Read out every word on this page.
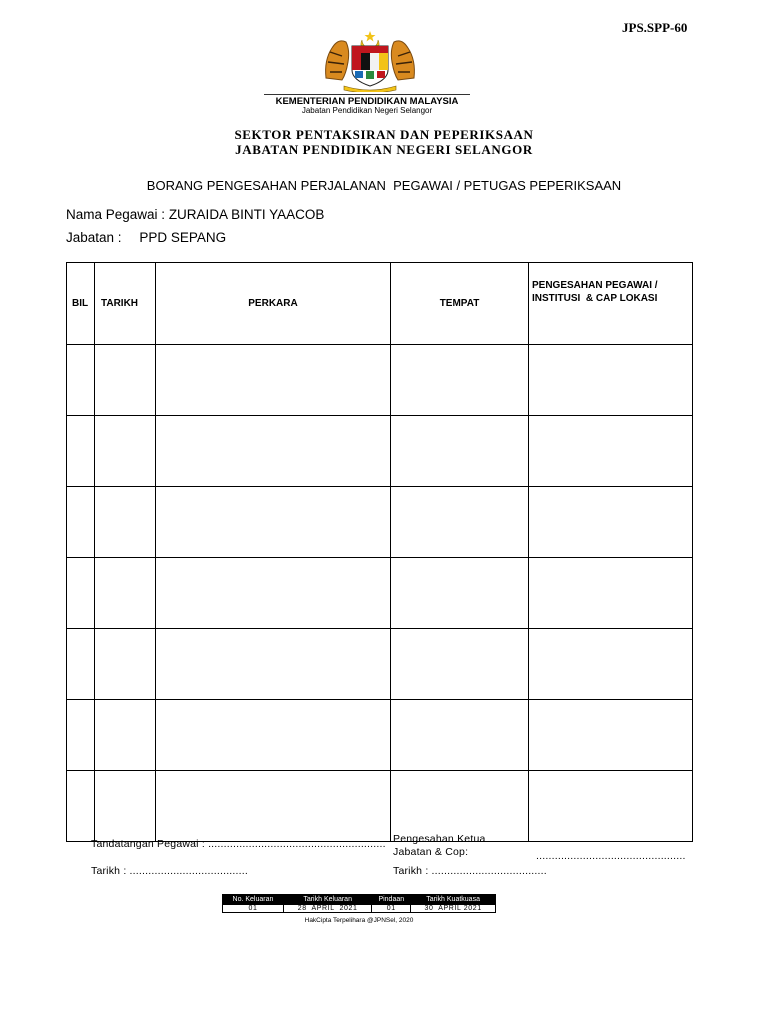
JPS.SPP-60
KEMENTERIAN PENDIDIKAN MALAYSIA
Jabatan Pendidikan Negeri Selangor
SEKTOR PENTAKSIRAN DAN PEPERIKSAAN
JABATAN PENDIDIKAN NEGERI SELANGOR
BORANG PENGESAHAN PERJALANAN  PEGAWAI / PETUGAS PEPERIKSAAN
Nama Pegawai : ZURAIDA BINTI YAACOB
Jabatan : PPD SEPANG
BIL	TARIKH	PERKARA	TEMPAT	PENGESAHAN PEGAWAI /
INSTITUSI  & CAP LOKASI

Tandatangan Pegawai : ......................................................... Pengesahan Ketua Jabatan & Cop:	................................................
Tarikh : ......................................	Tarikh : .....................................
No. Keluaran	Tarikh Keluaran	Pindaan	Tarikh Kuatkuasa
01	28  APRIL  2021	01	30  APRIL 2021
HakCipta Terpelihara @JPNSel, 2020
